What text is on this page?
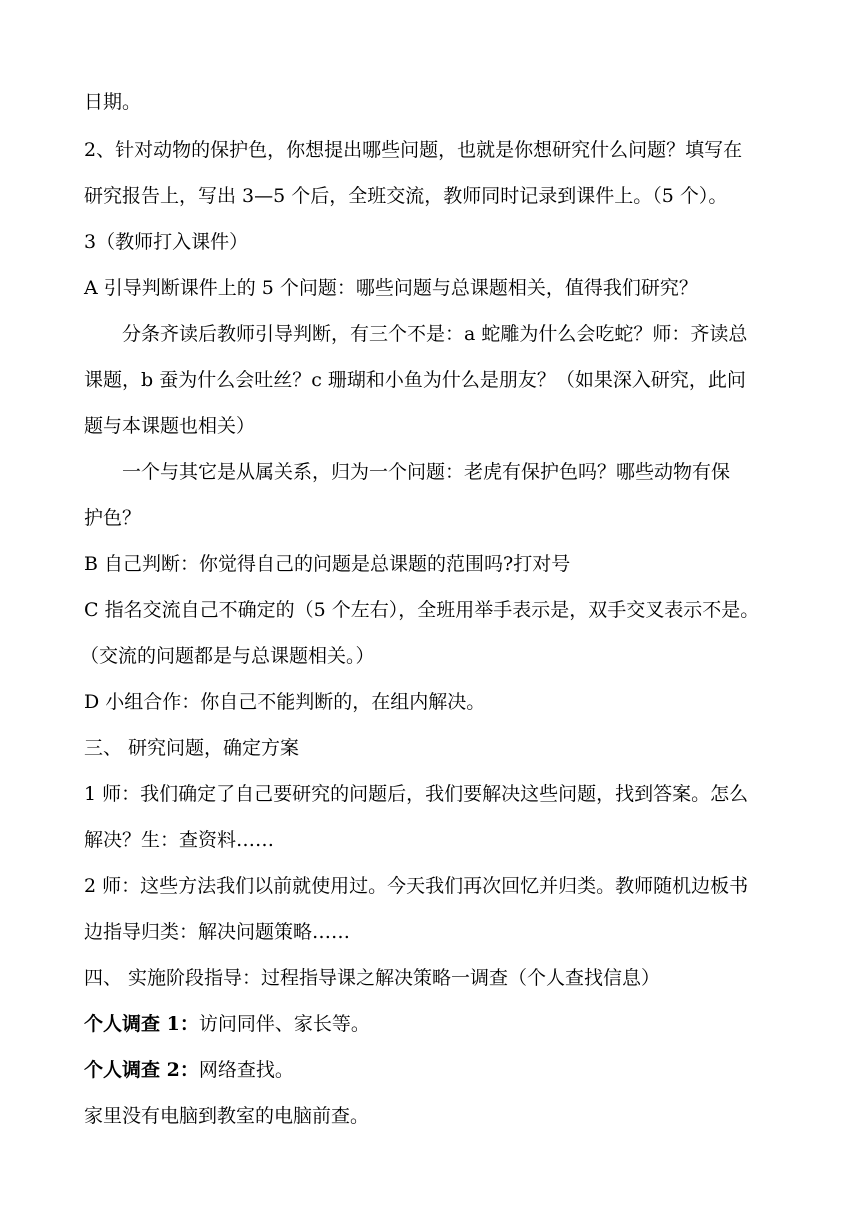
日期。
2、针对动物的保护色，你想提出哪些问题，也就是你想研究什么问题？填写在
研究报告上，写出 3—5 个后，全班交流，教师同时记录到课件上。（5 个）。
3（教师打入课件）
A 引导判断课件上的 5 个问题：哪些问题与总课题相关，值得我们研究？
分条齐读后教师引导判断，有三个不是：a 蛇雕为什么会吃蛇？师：齐读总
课题，b 蚕为什么会吐丝？c 珊瑚和小鱼为什么是朋友？（如果深入研究，此问
题与本课题也相关）
一个与其它是从属关系，归为一个问题：老虎有保护色吗？哪些动物有保
护色？
B 自己判断：你觉得自己的问题是总课题的范围吗?打对号
C 指名交流自己不确定的（5 个左右），全班用举手表示是，双手交叉表示不是。
（交流的问题都是与总课题相关。）
D 小组合作：你自己不能判断的，在组内解决。
三、 研究问题，确定方案
1 师：我们确定了自己要研究的问题后，我们要解决这些问题，找到答案。怎么
解决？生：查资料……
2 师：这些方法我们以前就使用过。今天我们再次回忆并归类。教师随机边板书
边指导归类：解决问题策略……
四、 实施阶段指导：过程指导课之解决策略一调查（个人查找信息）
个人调查 1：访问同伴、家长等。
个人调查 2：网络查找。
家里没有电脑到教室的电脑前查。
